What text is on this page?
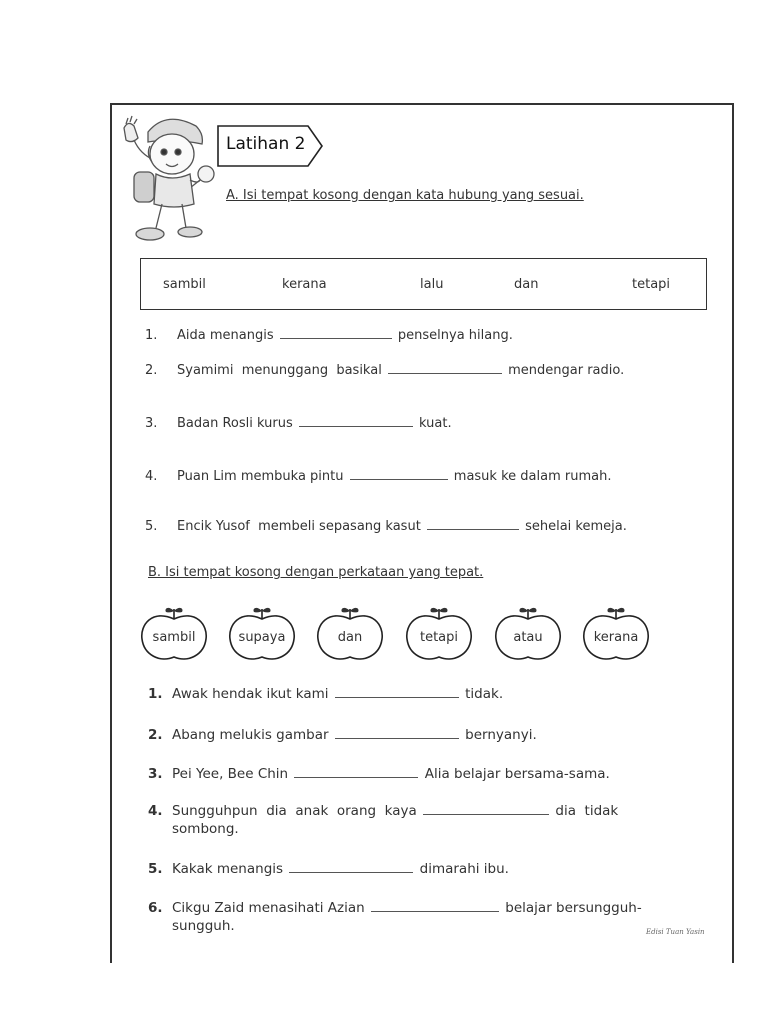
Latihan 2
A. Isi tempat kosong dengan kata hubung yang sesuai.
sambil	kerana	lalu	dan	tetapi
1. Aida menangis	penselnya hilang.
2. Syamimi  menunggang  basikal	mendengar radio.
3. Badan Rosli kurus	kuat.
4. Puan Lim membuka pintu	masuk ke dalam rumah.
5. Encik Yusof  membeli sepasang kasut	sehelai kemeja.
B. Isi tempat kosong dengan perkataan yang tepat.
sambil	supaya	dan	tetapi	atau	kerana
1. Awak hendak ikut kami	tidak.
2. Abang melukis gambar	bernyanyi.
3. Pei Yee, Bee Chin	Alia belajar bersama-sama.
4. Sungguhpun  dia  anak  orang  kaya	dia  tidak
sombong.
5. Kakak menangis	dimarahi ibu.
6. Cikgu Zaid menasihati Azian	belajar bersungguh-
sungguh.	Edisi Tuan Yasin
